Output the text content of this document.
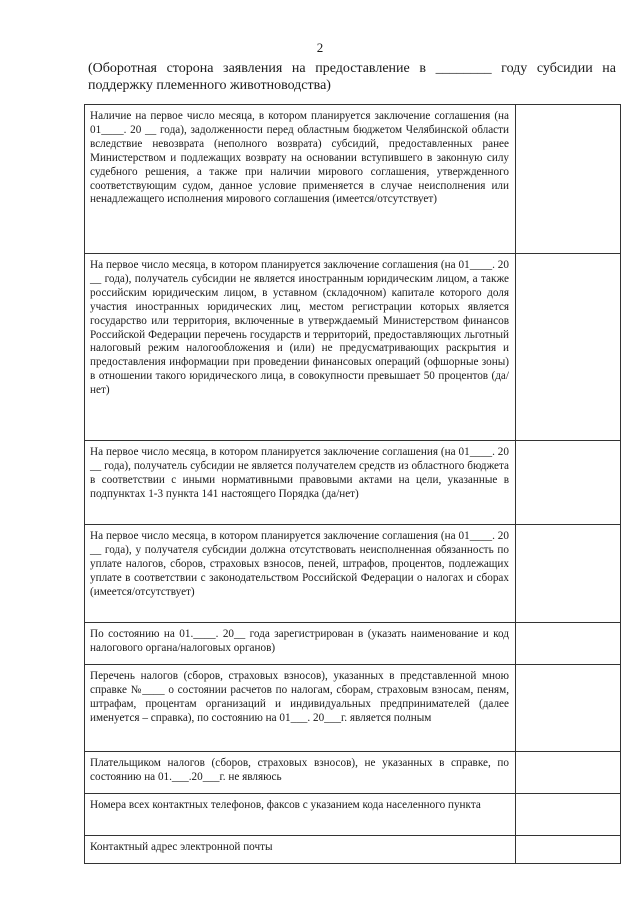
2
(Оборотная сторона заявления на предоставление в ________ году субсидии на поддержку племенного животноводства)
Наличие на первое число месяца, в котором планируется заключение соглашения (на 01____. 20 __ года), задолженности перед областным бюджетом Челябинской области вследствие невозврата (неполного возврата) субсидий, предоставленных ранее Министерством и подлежащих возврату на основании вступившего в законную силу судебного решения, а также при наличии мирового соглашения, утвержденного соответствующим судом, данное условие применяется в случае неисполнения или ненадлежащего исполнения мирового соглашения (имеется/отсутствует)	
На первое число месяца, в котором планируется заключение соглашения (на 01____. 20 __ года), получатель субсидии не является иностранным юридическим лицом, а также российским юридическим лицом, в уставном (складочном) капитале которого доля участия иностранных юридических лиц, местом регистрации которых является государство или территория, включенные в утверждаемый Министерством финансов Российской Федерации перечень государств и территорий, предоставляющих льготный налоговый режим налогообложения и (или) не предусматривающих раскрытия и предоставления информации при проведении финансовых операций (офшорные зоны) в отношении такого юридического лица, в совокупности превышает 50 процентов (да/нет)	
На первое число месяца, в котором планируется заключение соглашения (на 01____. 20 __ года), получатель субсидии не является получателем средств из областного бюджета в соответствии с иными нормативными правовыми актами на цели, указанные в подпунктах 1-3 пункта 141 настоящего Порядка (да/нет)	
На первое число месяца, в котором планируется заключение соглашения (на 01____. 20 __ года), у получателя субсидии должна отсутствовать неисполненная обязанность по уплате налогов, сборов, страховых взносов, пеней, штрафов, процентов, подлежащих уплате в соответствии с законодательством Российской Федерации о налогах и сборах (имеется/отсутствует)	
По состоянию на 01.____. 20__ года зарегистрирован в (указать наименование и код налогового органа/налоговых органов)	
Перечень налогов (сборов, страховых взносов), указанных в представленной мною справке №____ о состоянии расчетов по налогам, сборам, страховым взносам, пеням, штрафам, процентам организаций и индивидуальных предпринимателей (далее именуется – справка), по состоянию на 01___. 20___г. является полным	
Плательщиком налогов (сборов, страховых взносов), не указанных в справке, по состоянию на 01.___.20___г. не являюсь	
Номера всех контактных телефонов, факсов с указанием кода населенного пункта	
Контактный адрес электронной почты	
